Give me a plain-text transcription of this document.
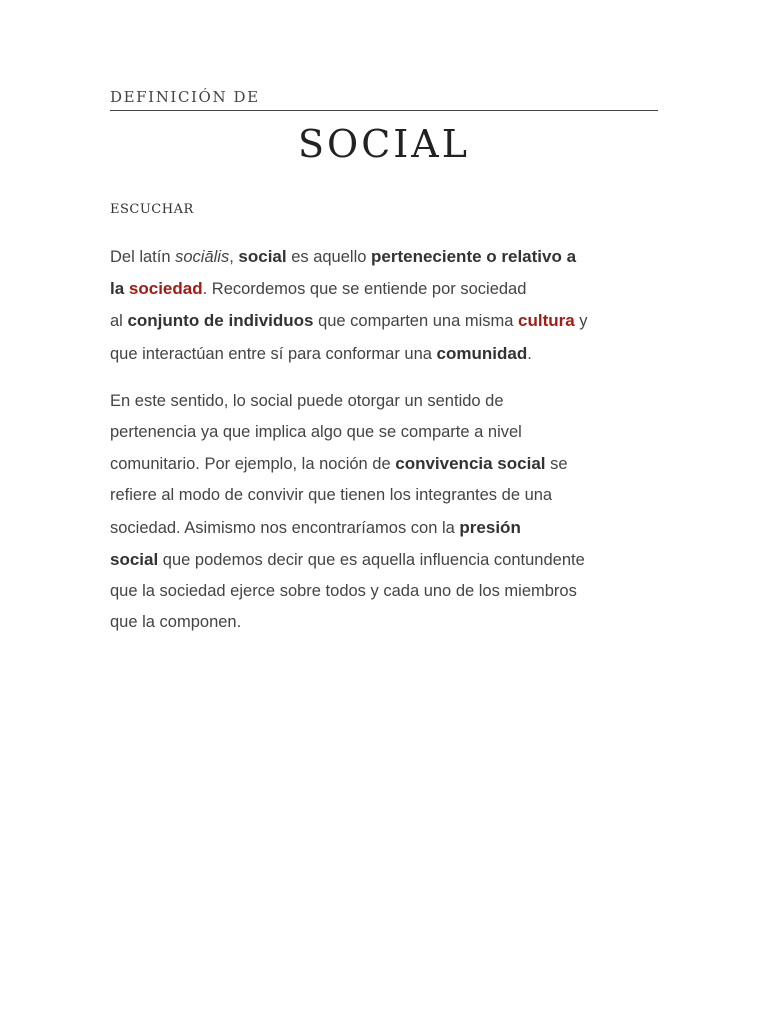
DEFINICIÓN DE
SOCIAL
ESCUCHAR

Del latín sociālis, social es aquello perteneciente o relativo a
la sociedad. Recordemos que se entiende por sociedad
al conjunto de individuos que comparten una misma cultura y
que interactúan entre sí para conformar una comunidad.

En este sentido, lo social puede otorgar un sentido de
pertenencia ya que implica algo que se comparte a nivel
comunitario. Por ejemplo, la noción de convivencia social se
refiere al modo de convivir que tienen los integrantes de una
sociedad. Asimismo nos encontraríamos con la presión
social que podemos decir que es aquella influencia contundente
que la sociedad ejerce sobre todos y cada uno de los miembros
que la componen.
